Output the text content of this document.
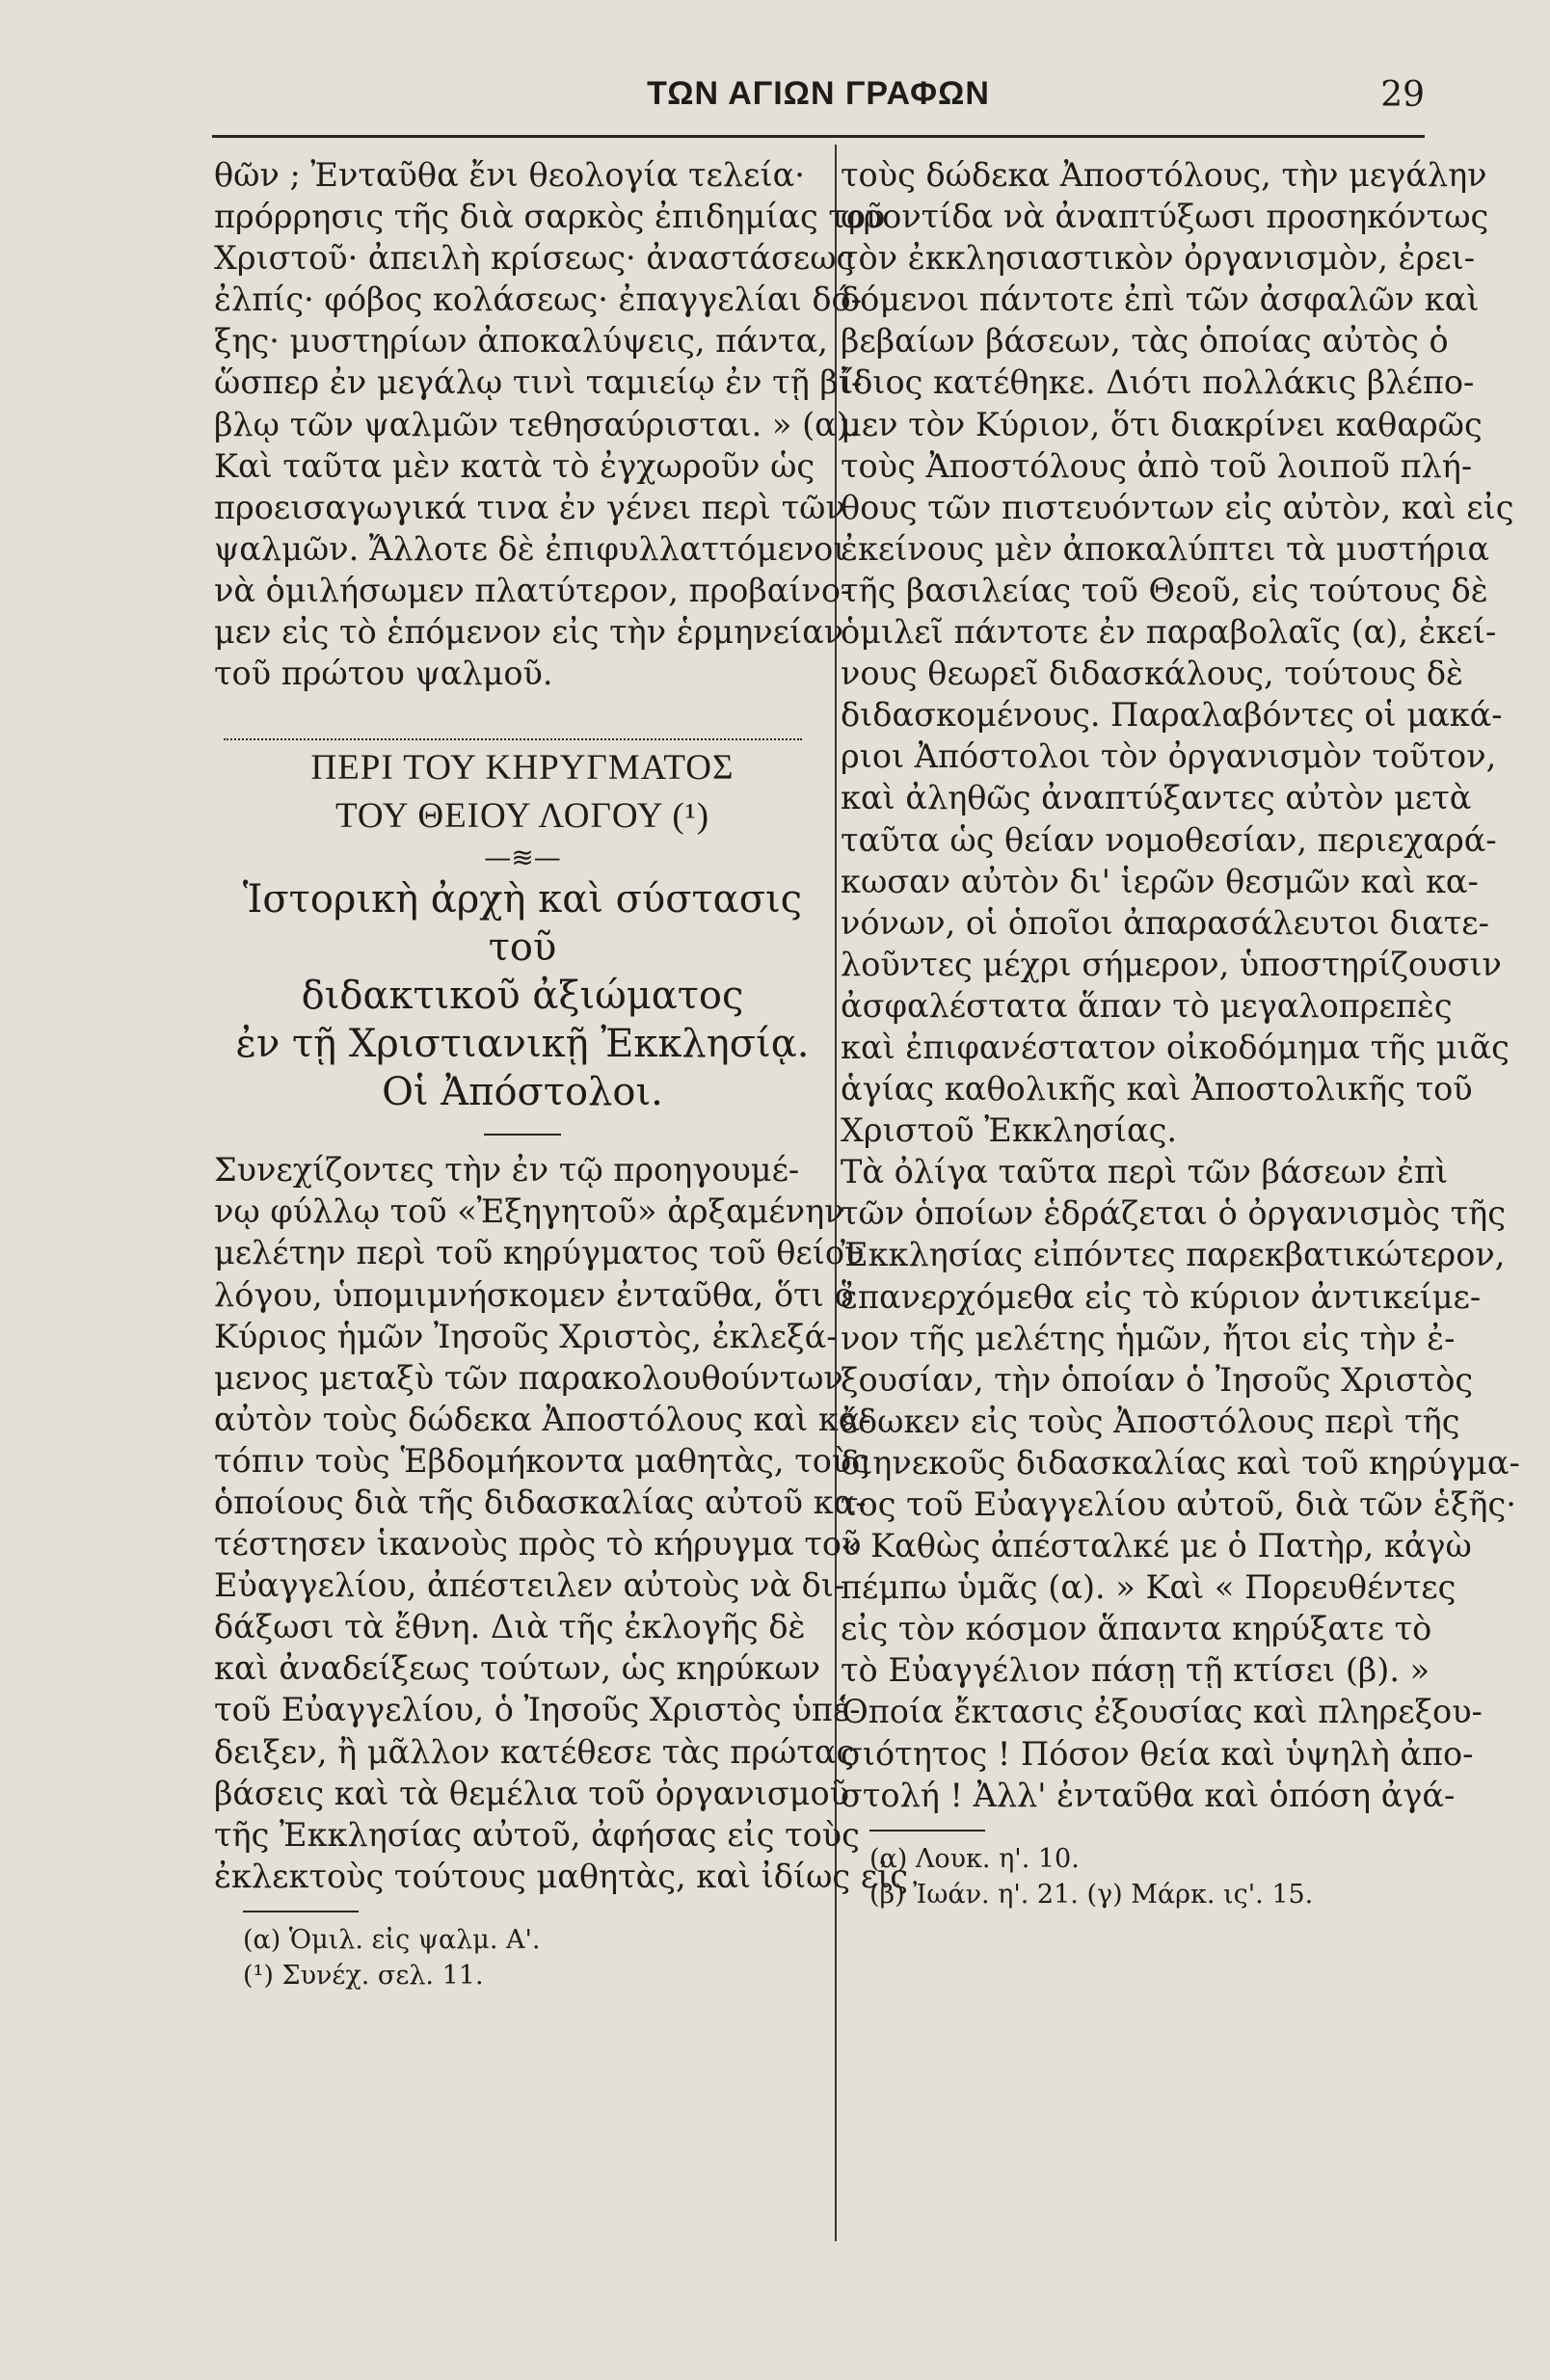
ΤΩΝ ΑΓΙΩΝ ΓΡΑΦΩΝ	29
θῶν ; Ἐνταῦθα ἔνι θεολογία τελεία·
πρόρρησις τῆς διὰ σαρκὸς ἐπιδημίας τοῦ
Χριστοῦ· ἀπειλὴ κρίσεως· ἀναστάσεως
ἐλπίς· φόβος κολάσεως· ἐπαγγελίαι δό-
ξης· μυστηρίων ἀποκαλύψεις, πάντα,
ὥσπερ ἐν μεγάλῳ τινὶ ταμιείῳ ἐν τῇ βί-
βλῳ τῶν ψαλμῶν τεθησαύρισται. » (α).
Καὶ ταῦτα μὲν κατὰ τὸ ἐγχωροῦν ὡς
προεισαγωγικά τινα ἐν γένει περὶ τῶν
ψαλμῶν. Ἄλλοτε δὲ ἐπιφυλλαττόμενοι
νὰ ὁμιλήσωμεν πλατύτερον, προβαίνο-
μεν εἰς τὸ ἑπόμενον εἰς τὴν ἑρμηνείαν
τοῦ πρώτου ψαλμοῦ.
ΠΕΡΙ ΤΟΥ ΚΗΡΥΓΜΑΤΟΣ
ΤΟΥ ΘΕΙΟΥ ΛΟΓΟΥ (¹)
—≋—
Ἱστορικὴ ἀρχὴ καὶ σύστασις τοῦ
διδακτικοῦ ἀξιώματος
ἐν τῇ Χριστιανικῇ Ἐκκλησίᾳ.
Οἱ Ἀπόστολοι.
Συνεχίζοντες τὴν ἐν τῷ προηγουμέ-
νῳ φύλλῳ τοῦ «Ἐξηγητοῦ» ἀρξαμένην
μελέτην περὶ τοῦ κηρύγματος τοῦ θείου
λόγου, ὑπομιμνήσκομεν ἐνταῦθα, ὅτι ὁ
Κύριος ἡμῶν Ἰησοῦς Χριστὸς, ἐκλεξά-
μενος μεταξὺ τῶν παρακολουθούντων
αὐτὸν τοὺς δώδεκα Ἀποστόλους καὶ κα-
τόπιν τοὺς Ἑβδομήκοντα μαθητὰς, τοὺς
ὁποίους διὰ τῆς διδασκαλίας αὐτοῦ κα-
τέστησεν ἱκανοὺς πρὸς τὸ κήρυγμα τοῦ
Εὐαγγελίου, ἀπέστειλεν αὐτοὺς νὰ δι-
δάξωσι τὰ ἔθνη. Διὰ τῆς ἐκλογῆς δὲ
καὶ ἀναδείξεως τούτων, ὡς κηρύκων
τοῦ Εὐαγγελίου, ὁ Ἰησοῦς Χριστὸς ὑπέ-
δειξεν, ἢ μᾶλλον κατέθεσε τὰς πρώτας
βάσεις καὶ τὰ θεμέλια τοῦ ὀργανισμοῦ
τῆς Ἐκκλησίας αὐτοῦ, ἀφήσας εἰς τοὺς
ἐκλεκτοὺς τούτους μαθητὰς, καὶ ἰδίως εἰς
(α) Ὁμιλ. εἰς ψαλμ. Α'.
(¹) Συνέχ. σελ. 11.
τοὺς δώδεκα Ἀποστόλους, τὴν μεγάλην
φροντίδα νὰ ἀναπτύξωσι προσηκόντως
τὸν ἐκκλησιαστικὸν ὀργανισμὸν, ἐρει-
δόμενοι πάντοτε ἐπὶ τῶν ἀσφαλῶν καὶ
βεβαίων βάσεων, τὰς ὁποίας αὐτὸς ὁ
ἴδιος κατέθηκε. Διότι πολλάκις βλέπο-
μεν τὸν Κύριον, ὅτι διακρίνει καθαρῶς
τοὺς Ἀποστόλους ἀπὸ τοῦ λοιποῦ πλή-
θους τῶν πιστευόντων εἰς αὐτὸν, καὶ εἰς
ἐκείνους μὲν ἀποκαλύπτει τὰ μυστήρια
τῆς βασιλείας τοῦ Θεοῦ, εἰς τούτους δὲ
ὁμιλεῖ πάντοτε ἐν παραβολαῖς (α), ἐκεί-
νους θεωρεῖ διδασκάλους, τούτους δὲ
διδασκομένους. Παραλαβόντες οἱ μακά-
ριοι Ἀπόστολοι τὸν ὀργανισμὸν τοῦτον,
καὶ ἀληθῶς ἀναπτύξαντες αὐτὸν μετὰ
ταῦτα ὡς θείαν νομοθεσίαν, περιεχαρά-
κωσαν αὐτὸν δι' ἱερῶν θεσμῶν καὶ κα-
νόνων, οἱ ὁποῖοι ἀπαρασάλευτοι διατε-
λοῦντες μέχρι σήμερον, ὑποστηρίζουσιν
ἀσφαλέστατα ἅπαν τὸ μεγαλοπρεπὲς
καὶ ἐπιφανέστατον οἰκοδόμημα τῆς μιᾶς
ἁγίας καθολικῆς καὶ Ἀποστολικῆς τοῦ
Χριστοῦ Ἐκκλησίας.
Τὰ ὀλίγα ταῦτα περὶ τῶν βάσεων ἐπὶ
τῶν ὁποίων ἑδράζεται ὁ ὀργανισμὸς τῆς
Ἐκκλησίας εἰπόντες παρεκβατικώτερον,
ἐπανερχόμεθα εἰς τὸ κύριον ἀντικείμε-
νον τῆς μελέτης ἡμῶν, ἤτοι εἰς τὴν ἐ-
ξουσίαν, τὴν ὁποίαν ὁ Ἰησοῦς Χριστὸς
ἔδωκεν εἰς τοὺς Ἀποστόλους περὶ τῆς
διηνεκοῦς διδασκαλίας καὶ τοῦ κηρύγμα-
τος τοῦ Εὐαγγελίου αὐτοῦ, διὰ τῶν ἑξῆς·
« Καθὼς ἀπέσταλκέ με ὁ Πατὴρ, κἀγὼ
πέμπω ὑμᾶς (α). » Καὶ « Πορευθέντες
εἰς τὸν κόσμον ἅπαντα κηρύξατε τὸ
τὸ Εὐαγγέλιον πάσῃ τῇ κτίσει (β). »
Ὁποία ἔκτασις ἐξουσίας καὶ πληρεξου-
σιότητος ! Πόσον θεία καὶ ὑψηλὴ ἀπο-
στολή ! Ἀλλ' ἐνταῦθα καὶ ὁπόση ἀγά-
(α) Λουκ. η'. 10.
(β) Ἰωάν. η'. 21. (γ) Μάρκ. ις'. 15.
